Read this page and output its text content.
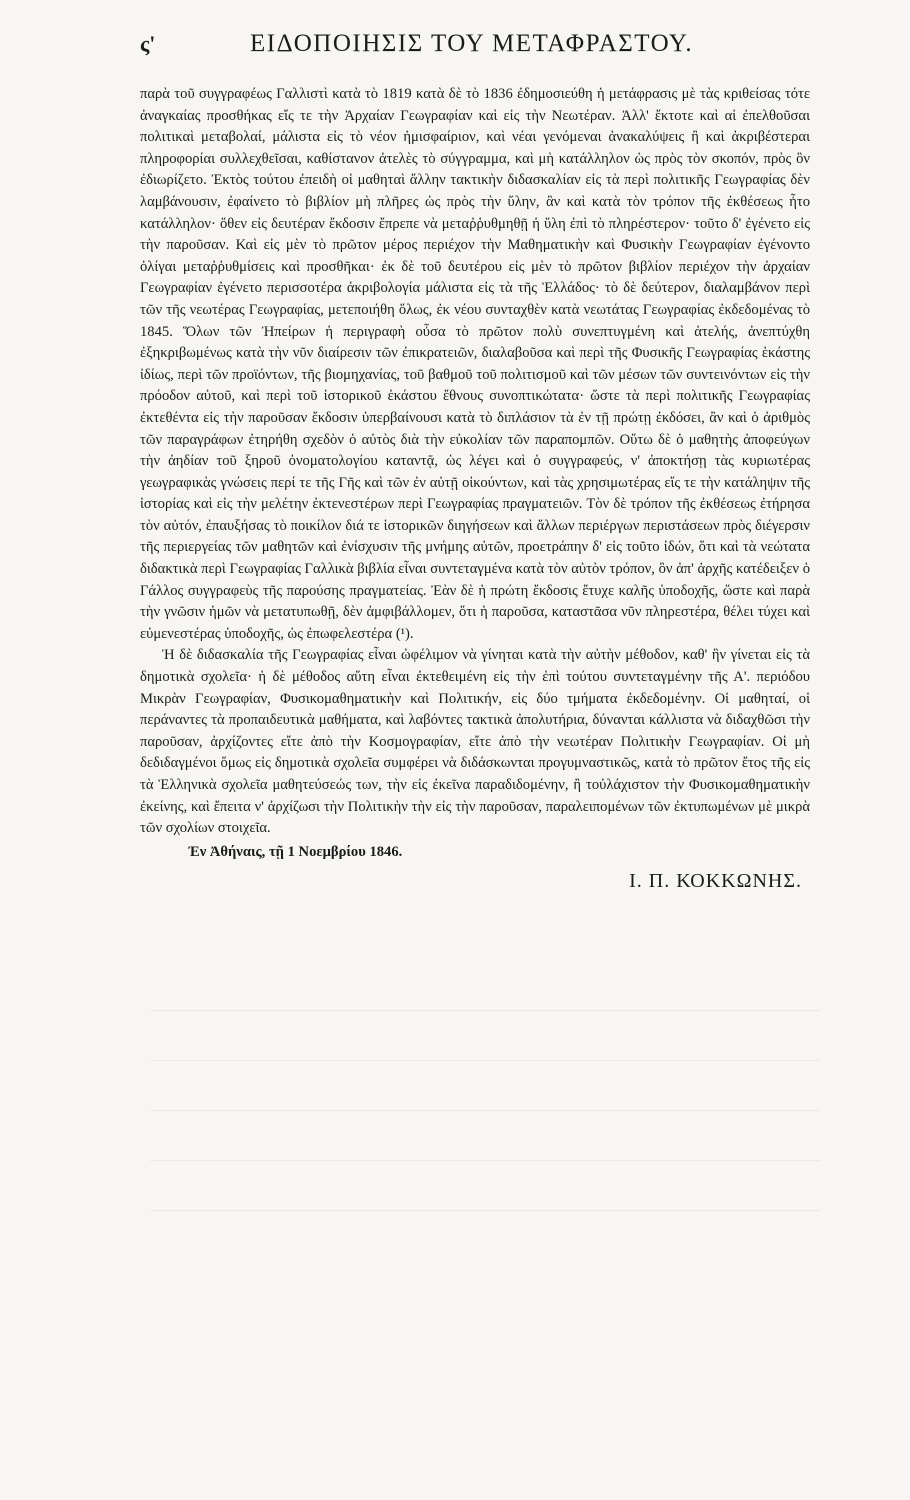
ς'	ΕΙΔΟΠΟΙΗΣΙΣ ΤΟΥ ΜΕΤΑΦΡΑΣΤΟΥ.

παρὰ τοῦ συγγραφέως Γαλλιστὶ κατὰ τὸ 1819 κατὰ δὲ τὸ 1836 ἐδημοσιεύθη ἡ μετάφρασις μὲ τὰς κριθείσας τότε ἀναγκαίας προσθήκας εἴς τε τὴν Ἀρχαίαν Γεωγραφίαν καὶ εἰς τὴν Νεωτέραν. Ἀλλ' ἔκτοτε καὶ αἱ ἐπελθοῦσαι πολιτικαὶ μεταβολαί, μάλιστα εἰς τὸ νέον ἡμισφαίριον, καὶ νέαι γενόμεναι ἀνακαλύψεις ἢ καὶ ἀκριβέστεραι πληροφορίαι συλλεχθεῖσαι, καθίστανον ἀτελὲς τὸ σύγγραμμα, καὶ μὴ κατάλληλον ὡς πρὸς τὸν σκοπόν, πρὸς ὃν ἐδιωρίζετο. Ἐκτὸς τούτου ἐπειδὴ οἱ μαθηταὶ ἄλλην τακτικὴν διδασκαλίαν εἰς τὰ περὶ πολιτικῆς Γεωγραφίας δὲν λαμβάνουσιν, ἐφαίνετο τὸ βιβλίον μὴ πλῆρες ὡς πρὸς τὴν ὕλην, ἂν καὶ κατὰ τὸν τρόπον τῆς ἐκθέσεως ἦτο κατάλληλον· ὅθεν εἰς δευτέραν ἔκδοσιν ἔπρεπε νὰ μεταῤῥυθμηθῇ ἡ ὕλη ἐπὶ τὸ πληρέστερον· τοῦτο δ' ἐγένετο εἰς τὴν παροῦσαν. Καὶ εἰς μὲν τὸ πρῶτον μέρος περιέχον τὴν Μαθηματικὴν καὶ Φυσικὴν Γεωγραφίαν ἐγένοντο ὀλίγαι μεταῤῥυθμίσεις καὶ προσθῆκαι· ἐκ δὲ τοῦ δευτέρου εἰς μὲν τὸ πρῶτον βιβλίον περιέχον τὴν ἀρχαίαν Γεωγραφίαν ἐγένετο περισσοτέρα ἀκριβολογία μάλιστα εἰς τὰ τῆς Ἑλλάδος· τὸ δὲ δεύτερον, διαλαμβάνον περὶ τῶν τῆς νεωτέρας Γεωγραφίας, μετεποιήθη ὅλως, ἐκ νέου συνταχθὲν κατὰ νεωτάτας Γεωγραφίας ἐκδεδομένας τὸ 1845. Ὅλων τῶν Ἠπείρων ἡ περιγραφὴ οὖσα τὸ πρῶτον πολὺ συνεπτυγμένη καὶ ἀτελής, ἀνεπτύχθη ἐξηκριβωμένως κατὰ τὴν νῦν διαίρεσιν τῶν ἐπικρατειῶν, διαλαβοῦσα καὶ περὶ τῆς Φυσικῆς Γεωγραφίας ἑκάστης ἰδίως, περὶ τῶν προϊόντων, τῆς βιομηχανίας, τοῦ βαθμοῦ τοῦ πολιτισμοῦ καὶ τῶν μέσων τῶν συντεινόντων εἰς τὴν πρόοδον αὐτοῦ, καὶ περὶ τοῦ ἱστορικοῦ ἑκάστου ἔθνους συνοπτικώτατα· ὥστε τὰ περὶ πολιτικῆς Γεωγραφίας ἐκτεθέντα εἰς τὴν παροῦσαν ἔκδοσιν ὑπερβαίνουσι κατὰ τὸ διπλάσιον τὰ ἐν τῇ πρώτῃ ἐκδόσει, ἂν καὶ ὁ ἀριθμὸς τῶν παραγράφων ἐτηρήθη σχεδὸν ὁ αὐτὸς διὰ τὴν εὐκολίαν τῶν παραπομπῶν. Οὕτω δὲ ὁ μαθητὴς ἀποφεύγων τὴν ἀηδίαν τοῦ ξηροῦ ὀνοματολογίου καταντᾷ, ὡς λέγει καὶ ὁ συγγραφεύς, ν' ἀποκτήσῃ τὰς κυριωτέρας γεωγραφικὰς γνώσεις περί τε τῆς Γῆς καὶ τῶν ἐν αὐτῇ οἰκούντων, καὶ τὰς χρησιμωτέρας εἴς τε τὴν κατάληψιν τῆς ἱστορίας καὶ εἰς τὴν μελέτην ἐκτενεστέρων περὶ Γεωγραφίας πραγματειῶν. Τὸν δὲ τρόπον τῆς ἐκθέσεως ἐτήρησα τὸν αὐτόν, ἐπαυξήσας τὸ ποικίλον διά τε ἱστορικῶν διηγήσεων καὶ ἄλλων περιέργων περιστάσεων πρὸς διέγερσιν τῆς περιεργείας τῶν μαθητῶν καὶ ἐνίσχυσιν τῆς μνήμης αὐτῶν, προετράπην δ' εἰς τοῦτο ἰδών, ὅτι καὶ τὰ νεώτατα διδακτικὰ περὶ Γεωγραφίας Γαλλικὰ βιβλία εἶναι συντεταγμένα κατὰ τὸν αὐτὸν τρόπον, ὃν ἀπ' ἀρχῆς κατέδειξεν ὁ Γάλλος συγγραφεὺς τῆς παρούσης πραγματείας. Ἐὰν δὲ ἡ πρώτη ἔκδοσις ἔτυχε καλῆς ὑποδοχῆς, ὥστε καὶ παρὰ τὴν γνῶσιν ἡμῶν νὰ μετατυπωθῇ, δὲν ἀμφιβάλλομεν, ὅτι ἡ παροῦσα, καταστᾶσα νῦν πληρεστέρα, θέλει τύχει καὶ εὐμενεστέρας ὑποδοχῆς, ὡς ἐπωφελεστέρα (¹).

Ἡ δὲ διδασκαλία τῆς Γεωγραφίας εἶναι ὠφέλιμον νὰ γίνηται κατὰ τὴν αὐτὴν μέθοδον, καθ' ἣν γίνεται εἰς τὰ δημοτικὰ σχολεῖα· ἡ δὲ μέθοδος αὕτη εἶναι ἐκτεθειμένη εἰς τὴν ἐπὶ τούτου συντεταγμένην τῆς Α'. περιόδου Μικρὰν Γεωγραφίαν, Φυσικομαθηματικὴν καὶ Πολιτικήν, εἰς δύο τμήματα ἐκδεδομένην. Οἱ μαθηταί, οἱ περάναντες τὰ προπαιδευτικὰ μαθήματα, καὶ λαβόντες τακτικὰ ἀπολυτήρια, δύνανται κάλλιστα νὰ διδαχθῶσι τὴν παροῦσαν, ἀρχίζοντες εἴτε ἀπὸ τὴν Κοσμογραφίαν, εἴτε ἀπὸ τὴν νεωτέραν Πολιτικὴν Γεωγραφίαν. Οἱ μὴ δεδιδαγμένοι ὅμως εἰς δημοτικὰ σχολεῖα συμφέρει νὰ διδάσκωνται προγυμναστικῶς, κατὰ τὸ πρῶτον ἔτος τῆς εἰς τὰ Ἑλληνικὰ σχολεῖα μαθητεύσεώς των, τὴν εἰς ἐκεῖνα παραδιδομένην, ἢ τοὐλάχιστον τὴν Φυσικομαθηματικὴν ἐκείνης, καὶ ἔπειτα ν' ἀρχίζωσι τὴν Πολιτικὴν τὴν εἰς τὴν παροῦσαν, παραλειπομένων τῶν ἐκτυπωμένων μὲ μικρὰ τῶν σχολίων στοιχεῖα.

Ἐν Ἀθήναις, τῇ 1 Νοεμβρίου 1846.
Ι. Π. ΚΟΚΚΩΝΗΣ.
